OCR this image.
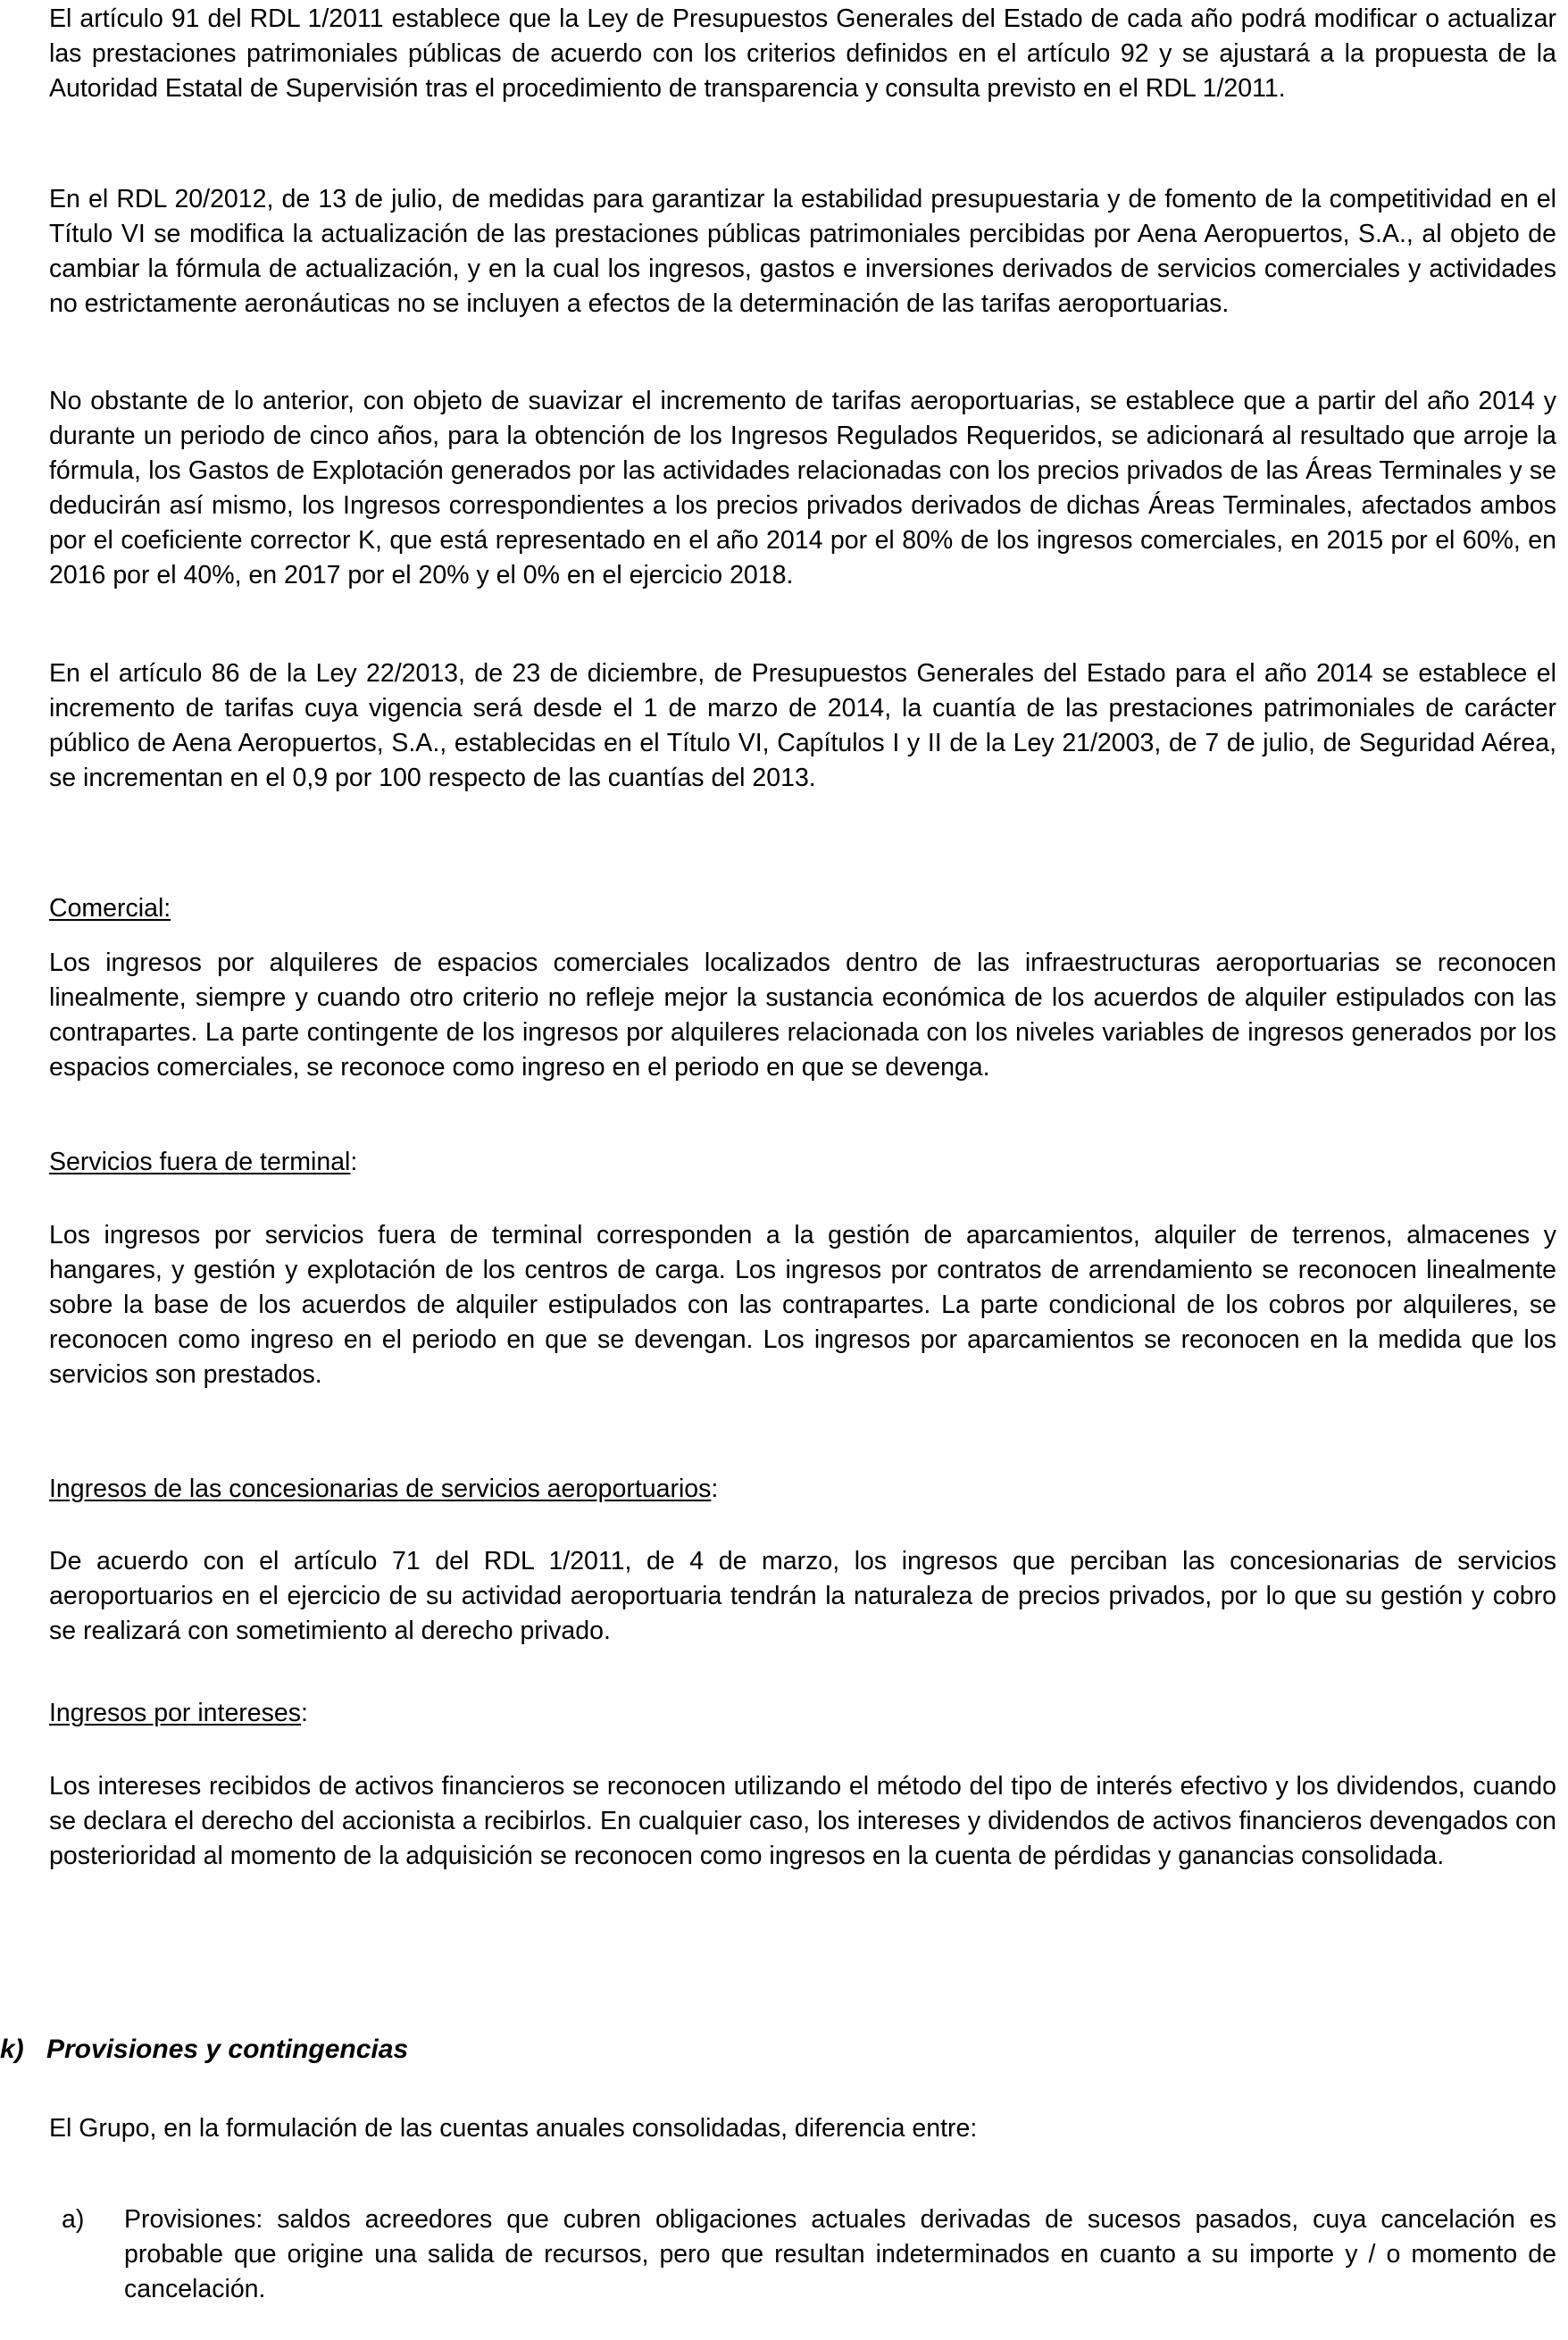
El artículo 91 del RDL 1/2011 establece que la Ley de Presupuestos Generales del Estado de cada año podrá modificar o actualizar las prestaciones patrimoniales públicas de acuerdo con los criterios definidos en el artículo 92 y se ajustará a la propuesta de la Autoridad Estatal de Supervisión tras el procedimiento de transparencia y consulta previsto en el RDL 1/2011.

En el RDL 20/2012, de 13 de julio, de medidas para garantizar la estabilidad presupuestaria y de fomento de la competitividad en el Título VI se modifica la actualización de las prestaciones públicas patrimoniales percibidas por Aena Aeropuertos, S.A., al objeto de cambiar la fórmula de actualización, y en la cual los ingresos, gastos e inversiones derivados de servicios comerciales y actividades no estrictamente aeronáuticas no se incluyen a efectos de la determinación de las tarifas aeroportuarias.

No obstante de lo anterior, con objeto de suavizar el incremento de tarifas aeroportuarias, se establece que a partir del año 2014 y durante un periodo de cinco años, para la obtención de los Ingresos Regulados Requeridos, se adicionará al resultado que arroje la fórmula, los Gastos de Explotación generados por las actividades relacionadas con los precios privados de las Áreas Terminales y se deducirán así mismo, los Ingresos correspondientes a los precios privados derivados de dichas Áreas Terminales, afectados ambos por el coeficiente corrector K, que está representado en el año 2014 por el 80% de los ingresos comerciales, en 2015 por el 60%, en 2016 por el 40%, en 2017 por el 20% y el 0% en el ejercicio 2018.

En el artículo 86 de la Ley 22/2013, de 23 de diciembre, de Presupuestos Generales del Estado para el año 2014 se establece el incremento de tarifas cuya vigencia será desde el 1 de marzo de 2014, la cuantía de las prestaciones patrimoniales de carácter público de Aena Aeropuertos, S.A., establecidas en el Título VI, Capítulos I y II de la Ley 21/2003, de 7 de julio, de Seguridad Aérea, se incrementan en el 0,9 por 100 respecto de las cuantías del 2013.

Comercial:

Los ingresos por alquileres de espacios comerciales localizados dentro de las infraestructuras aeroportuarias se reconocen linealmente, siempre y cuando otro criterio no refleje mejor la sustancia económica de los acuerdos de alquiler estipulados con las contrapartes. La parte contingente de los ingresos por alquileres relacionada con los niveles variables de ingresos generados por los espacios comerciales, se reconoce como ingreso en el periodo en que se devenga.

Servicios fuera de terminal:

Los ingresos por servicios fuera de terminal corresponden a la gestión de aparcamientos, alquiler de terrenos, almacenes y hangares, y gestión y explotación de los centros de carga. Los ingresos por contratos de arrendamiento se reconocen linealmente sobre la base de los acuerdos de alquiler estipulados con las contrapartes. La parte condicional de los cobros por alquileres, se reconocen como ingreso en el periodo en que se devengan. Los ingresos por aparcamientos se reconocen en la medida que los servicios son prestados.

Ingresos de las concesionarias de servicios aeroportuarios:

De acuerdo con el artículo 71 del RDL 1/2011, de 4 de marzo, los ingresos que perciban las concesionarias de servicios aeroportuarios en el ejercicio de su actividad aeroportuaria tendrán la naturaleza de precios privados, por lo que su gestión y cobro se realizará con sometimiento al derecho privado.

Ingresos por intereses:

Los intereses recibidos de activos financieros se reconocen utilizando el método del tipo de interés efectivo y los dividendos, cuando se declara el derecho del accionista a recibirlos. En cualquier caso, los intereses y dividendos de activos financieros devengados con posterioridad al momento de la adquisición se reconocen como ingresos en la cuenta de pérdidas y ganancias consolidada.

k) Provisiones y contingencias

El Grupo, en la formulación de las cuentas anuales consolidadas, diferencia entre:

a) Provisiones: saldos acreedores que cubren obligaciones actuales derivadas de sucesos pasados, cuya cancelación es probable que origine una salida de recursos, pero que resultan indeterminados en cuanto a su importe y / o momento de cancelación.
